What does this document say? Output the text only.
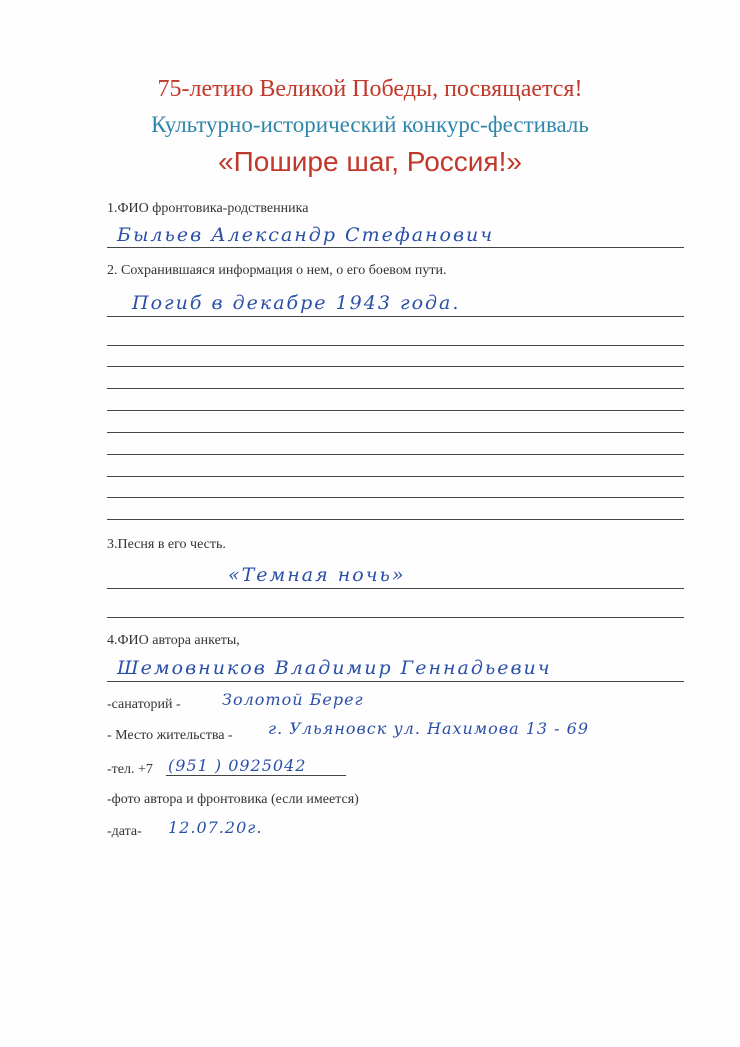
75-летию Великой Победы, посвящается!
Культурно-исторический конкурс-фестиваль
«Пошире шаг, Россия!»
1.ФИО фронтовика-родственника
Быльев Александр Стефанович
2. Сохранившаяся информация о нем, о его боевом пути.
Погиб в декабре 1943 года.
3.Песня в его честь.
«Темная ночь»
4.ФИО автора анкеты,
Шемовников Владимир Геннадьевич
-санаторий -	Золотой Берег
- Место жительства - г. Ульяновск ул. Нахимова 13 - 69
-тел. +7 (951 ) 0925042
-фото автора и фронтовика (если имеется)
-дата- 12.07.20г.
